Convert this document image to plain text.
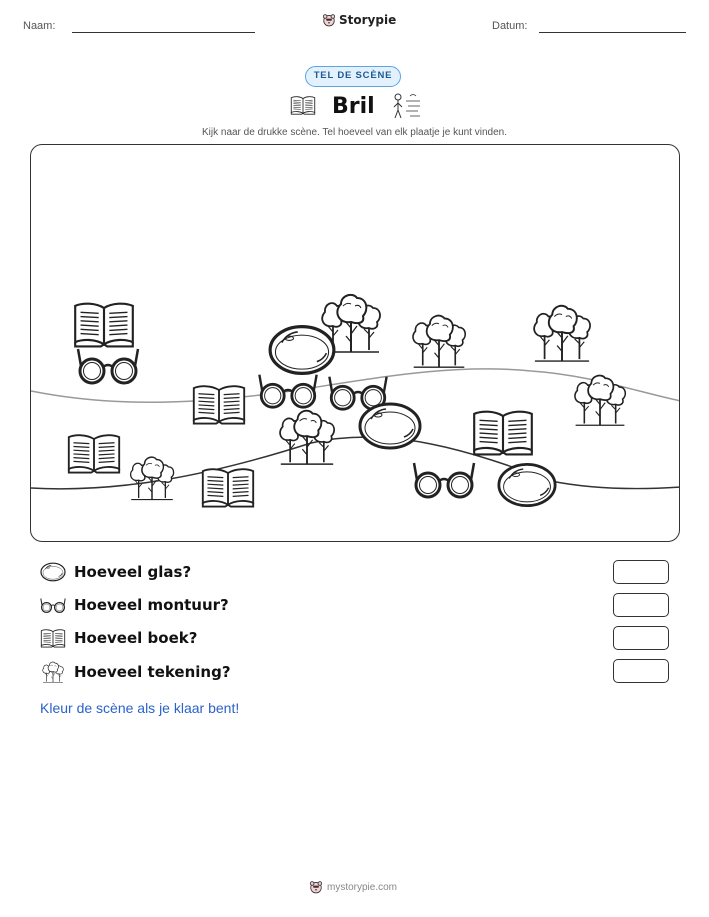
Naam:	Storypie	Datum:
TEL DE SCÈNE
Bril
Kijk naar de drukke scène. Tel hoeveel van elk plaatje je kunt vinden.
Hoeveel glas?
Hoeveel montuur?
Hoeveel boek?
Hoeveel tekening?
Kleur de scène als je klaar bent!
mystorypie.com
